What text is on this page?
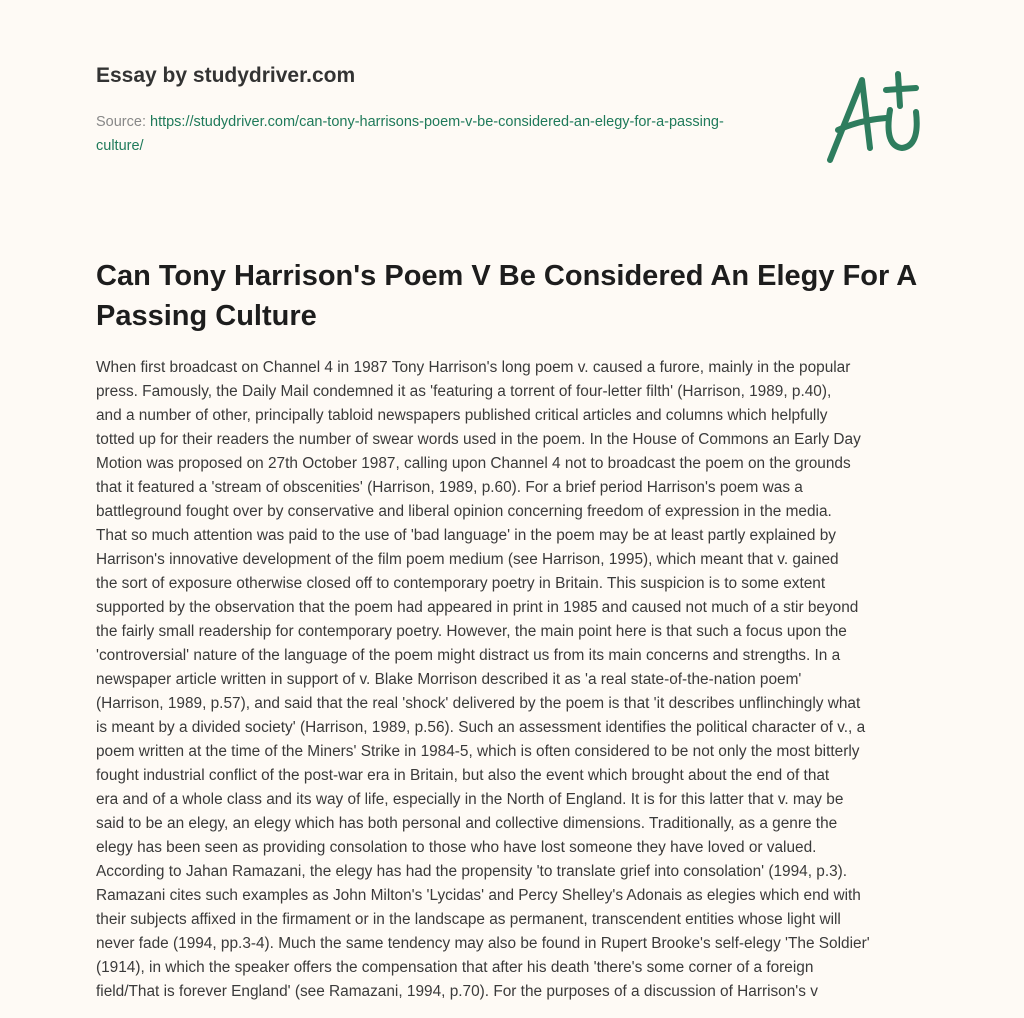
Essay by studydriver.com
Source: https://studydriver.com/can-tony-harrisons-poem-v-be-considered-an-elegy-for-a-passing-culture/
Can Tony Harrison's Poem V Be Considered An Elegy For A Passing Culture
When first broadcast on Channel 4 in 1987 Tony Harrison's long poem v. caused a furore, mainly in the popular
press. Famously, the Daily Mail condemned it as 'featuring a torrent of four-letter filth' (Harrison, 1989, p.40),
and a number of other, principally tabloid newspapers published critical articles and columns which helpfully
totted up for their readers the number of swear words used in the poem. In the House of Commons an Early Day
Motion was proposed on 27th October 1987, calling upon Channel 4 not to broadcast the poem on the grounds
that it featured a 'stream of obscenities' (Harrison, 1989, p.60). For a brief period Harrison's poem was a
battleground fought over by conservative and liberal opinion concerning freedom of expression in the media.
That so much attention was paid to the use of 'bad language' in the poem may be at least partly explained by
Harrison's innovative development of the film poem medium (see Harrison, 1995), which meant that v. gained
the sort of exposure otherwise closed off to contemporary poetry in Britain. This suspicion is to some extent
supported by the observation that the poem had appeared in print in 1985 and caused not much of a stir beyond
the fairly small readership for contemporary poetry. However, the main point here is that such a focus upon the
'controversial' nature of the language of the poem might distract us from its main concerns and strengths. In a
newspaper article written in support of v. Blake Morrison described it as 'a real state-of-the-nation poem'
(Harrison, 1989, p.57), and said that the real 'shock' delivered by the poem is that 'it describes unflinchingly what
is meant by a divided society' (Harrison, 1989, p.56). Such an assessment identifies the political character of v., a
poem written at the time of the Miners' Strike in 1984-5, which is often considered to be not only the most bitterly
fought industrial conflict of the post-war era in Britain, but also the event which brought about the end of that
era and of a whole class and its way of life, especially in the North of England. It is for this latter that v. may be
said to be an elegy, an elegy which has both personal and collective dimensions. Traditionally, as a genre the
elegy has been seen as providing consolation to those who have lost someone they have loved or valued.
According to Jahan Ramazani, the elegy has had the propensity 'to translate grief into consolation' (1994, p.3).
Ramazani cites such examples as John Milton's 'Lycidas' and Percy Shelley's Adonais as elegies which end with
their subjects affixed in the firmament or in the landscape as permanent, transcendent entities whose light will
never fade (1994, pp.3-4). Much the same tendency may also be found in Rupert Brooke's self-elegy 'The Soldier'
(1914), in which the speaker offers the compensation that after his death 'there's some corner of a foreign
field/That is forever England' (see Ramazani, 1994, p.70). For the purposes of a discussion of Harrison's v
